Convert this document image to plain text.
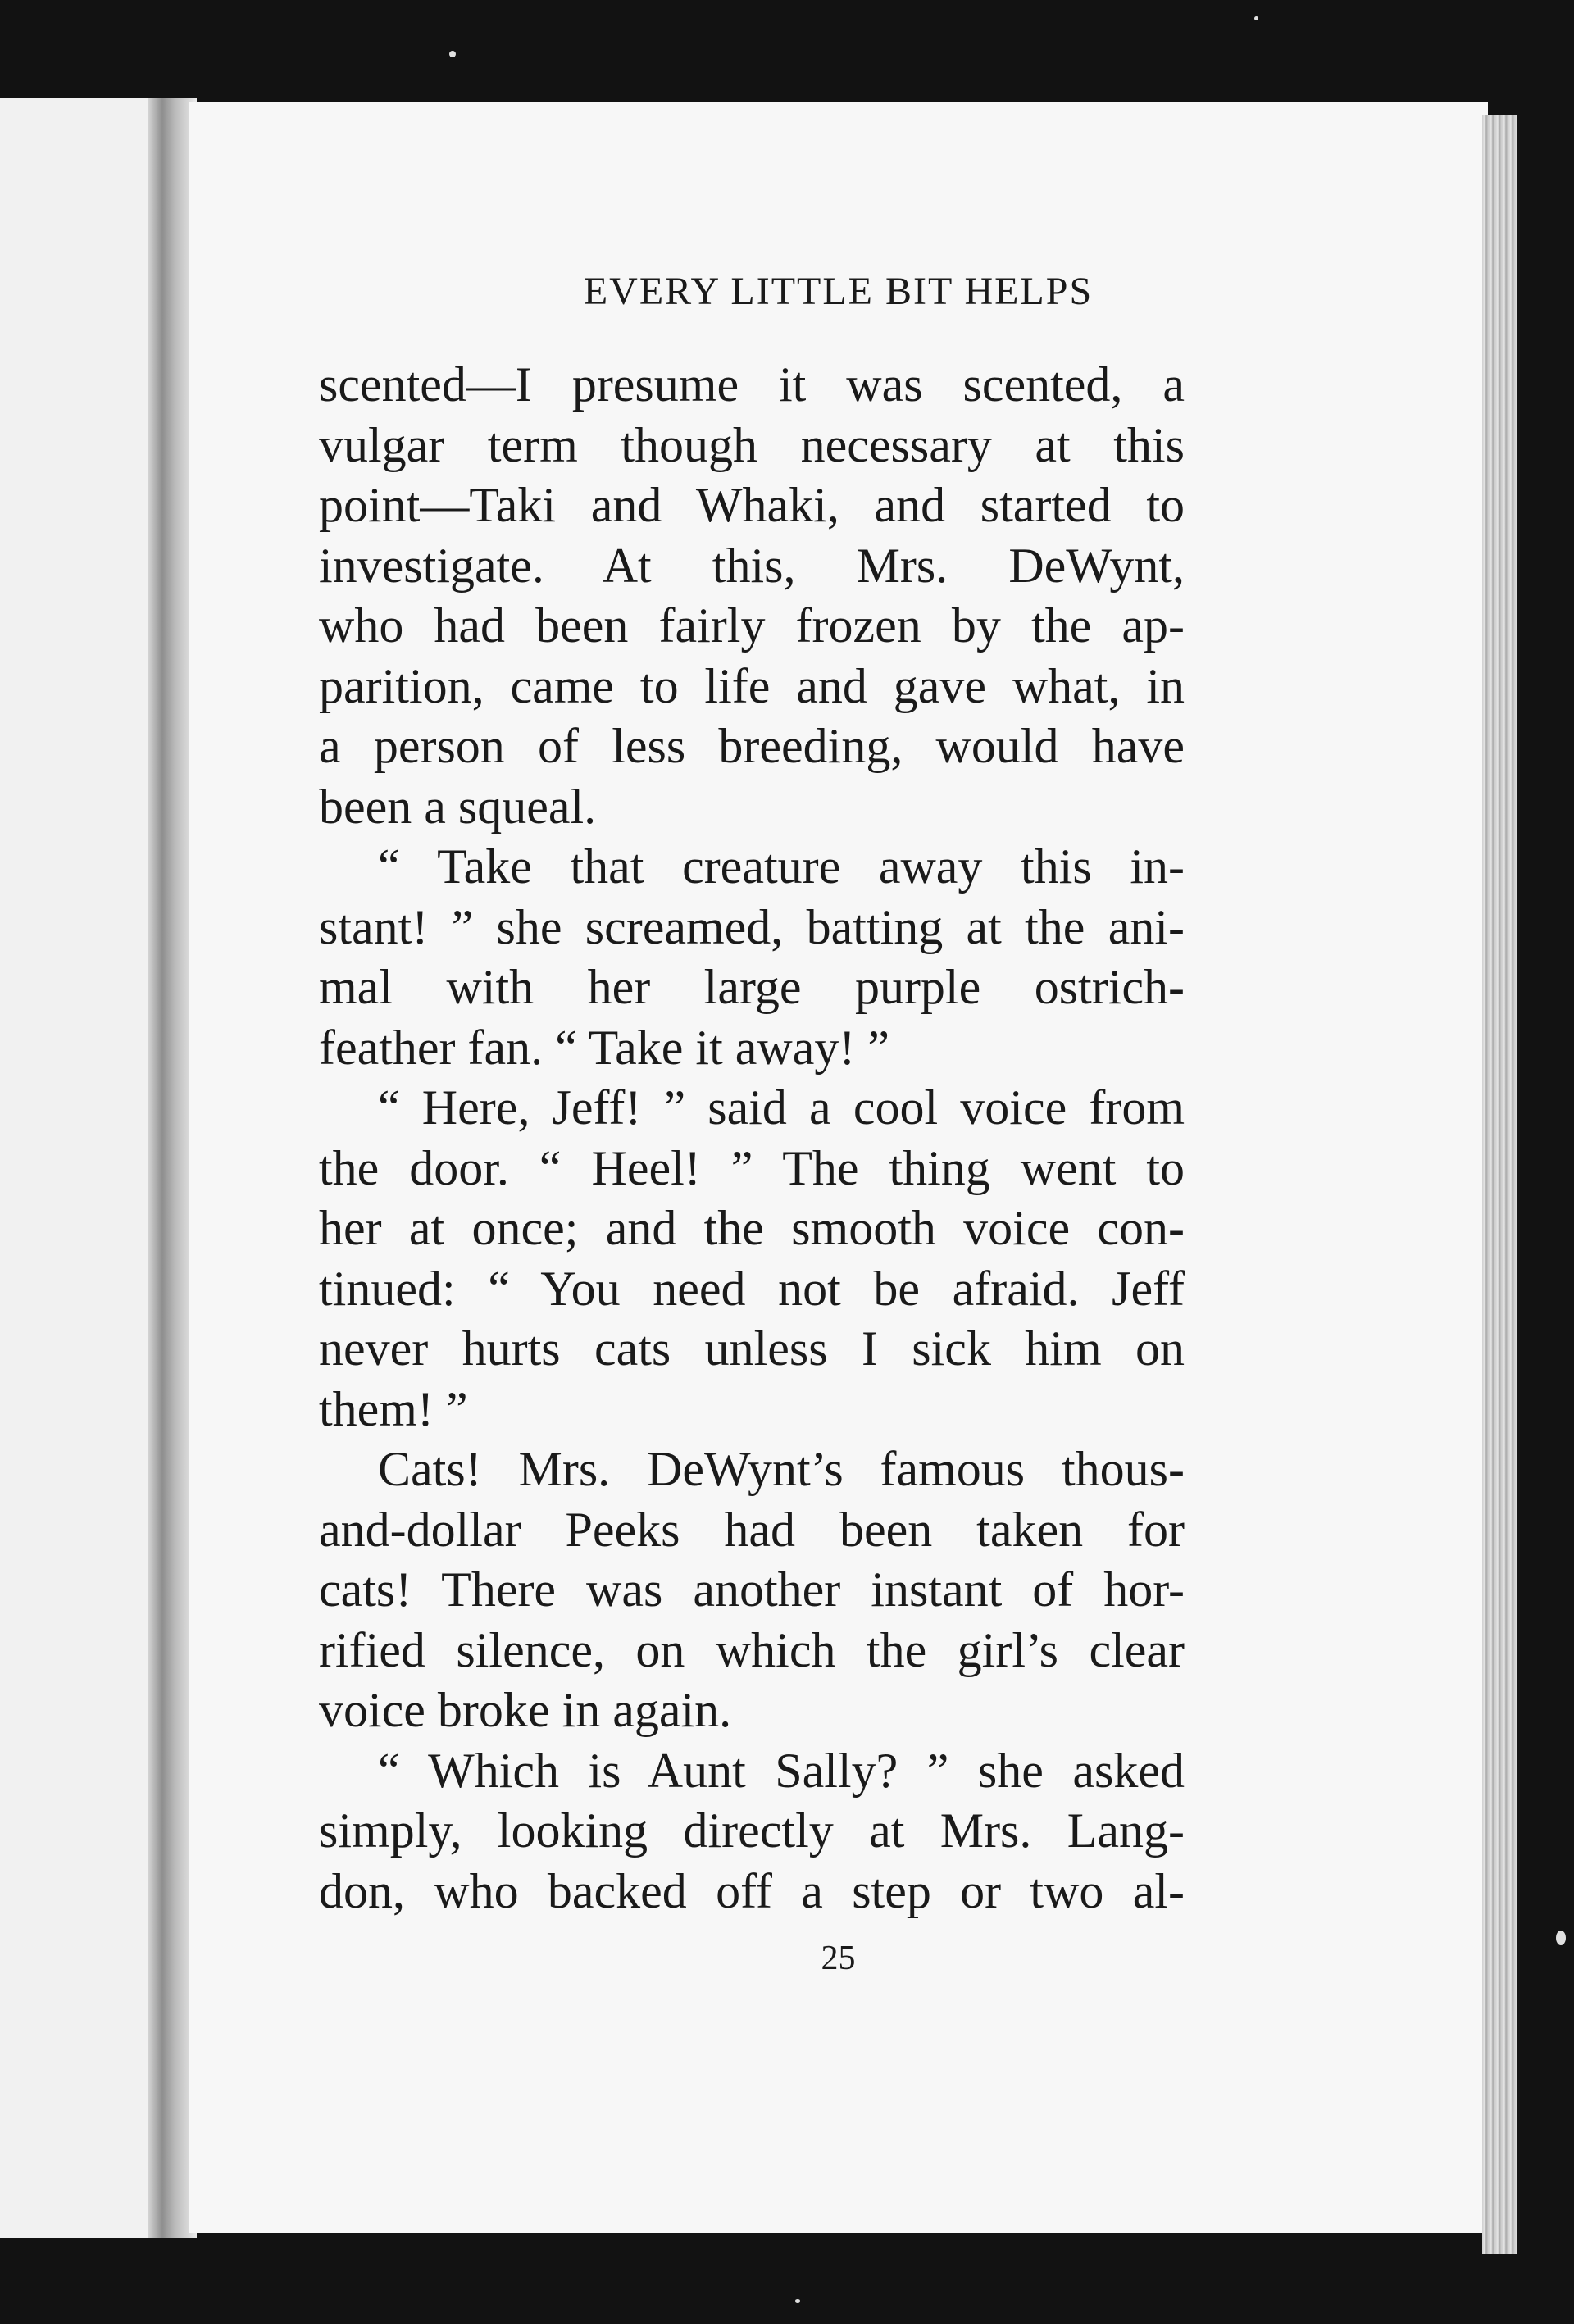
EVERY LITTLE BIT HELPS
scented—I presume it was scented, a
vulgar term though necessary at this
point—Taki and Whaki, and started to
investigate. At this, Mrs. DeWynt,
who had been fairly frozen by the ap-
parition, came to life and gave what, in
a person of less breeding, would have
been a squeal.
“ Take that creature away this in-
stant! ” she screamed, batting at the ani-
mal with her large purple ostrich-
feather fan. “ Take it away! ”
“ Here, Jeff! ” said a cool voice from
the door. “ Heel! ” The thing went to
her at once; and the smooth voice con-
tinued: “ You need not be afraid. Jeff
never hurts cats unless I sick him on
them! ”
Cats! Mrs. DeWynt’s famous thous-
and-dollar Peeks had been taken for
cats! There was another instant of hor-
rified silence, on which the girl’s clear
voice broke in again.
“ Which is Aunt Sally? ” she asked
simply, looking directly at Mrs. Lang-
don, who backed off a step or two al-
25
